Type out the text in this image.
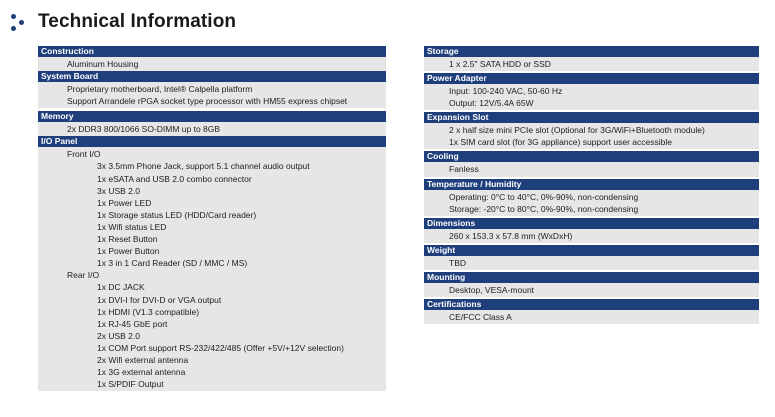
Technical Information
Construction
Aluminum Housing
System Board
Proprietary motherboard, Intel® Calpella platform
Support Arrandele rPGA socket type processor with HM55 express chipset
Memory
2x DDR3 800/1066 SO-DIMM up to 8GB
I/O Panel
Front I/O
3x 3.5mm Phone Jack, support 5.1 channel audio output
1x eSATA and USB 2.0 combo connector
3x USB 2.0
1x Power LED
1x Storage status LED (HDD/Card reader)
1x Wifi status LED
1x Reset Button
1x Power Button
1x 3 in 1 Card Reader (SD / MMC / MS)
Rear I/O
1x DC JACK
1x DVI-I for DVI-D or VGA output
1x HDMI (V1.3 compatible)
1x RJ-45 GbE port
2x USB 2.0
1x COM Port support RS-232/422/485 (Offer +5V/+12V selection)
2x Wifi external antenna
1x 3G external antenna
1x S/PDIF Output
Storage
1 x 2.5" SATA HDD or SSD
Power Adapter
Input: 100-240 VAC, 50-60 Hz
Output: 12V/5.4A 65W
Expansion Slot
2 x half size mini PCIe slot (Optional for 3G/WiFi+Bluetooth module)
1x SIM card slot (for 3G appliance) support user accessible
Cooling
Fanless
Temperature / Humidity
Operating: 0°C to 40°C, 0%-90%, non-condensing
Storage: -20°C to 80°C, 0%-90%, non-condensing
Dimensions
260 x 153.3 x 57.8 mm (WxDxH)
Weight
TBD
Mounting
Desktop, VESA-mount
Certifications
CE/FCC Class A
